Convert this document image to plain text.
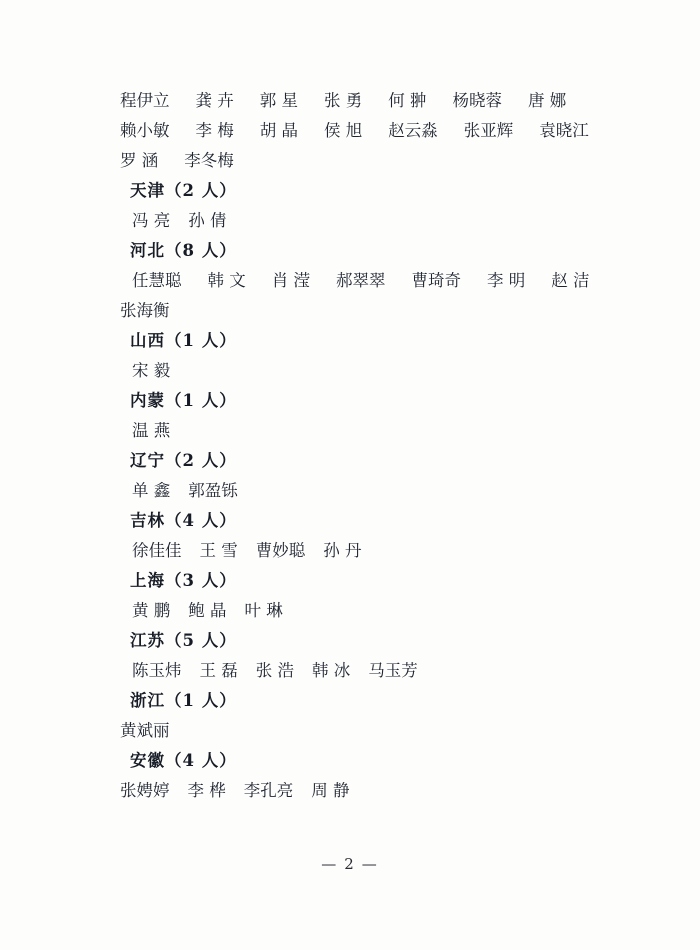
程伊立 龚 卉 郭 星 张 勇 何 翀 杨晓蓉 唐 娜
赖小敏 李 梅 胡 晶 侯 旭 赵云淼 张亚辉 袁晓江
罗 涵 李冬梅
天津（2 人）
冯 亮 孙 倩
河北（8 人）
任慧聪 韩 文 肖 滢 郝翠翠 曹琦奇 李 明 赵 洁
张海衡
山西（1 人）
宋 毅
内蒙（1 人）
温 燕
辽宁（2 人）
单 鑫 郭盈铄
吉林（4 人）
徐佳佳 王 雪 曹妙聪 孙 丹
上海（3 人）
黄 鹏 鲍 晶 叶 琳
江苏（5 人）
陈玉炜 王 磊 张 浩 韩 冰 马玉芳
浙江（1 人）
黄斌丽
安徽（4 人）
张娉婷 李 桦 李孔亮 周 静
— 2 —
